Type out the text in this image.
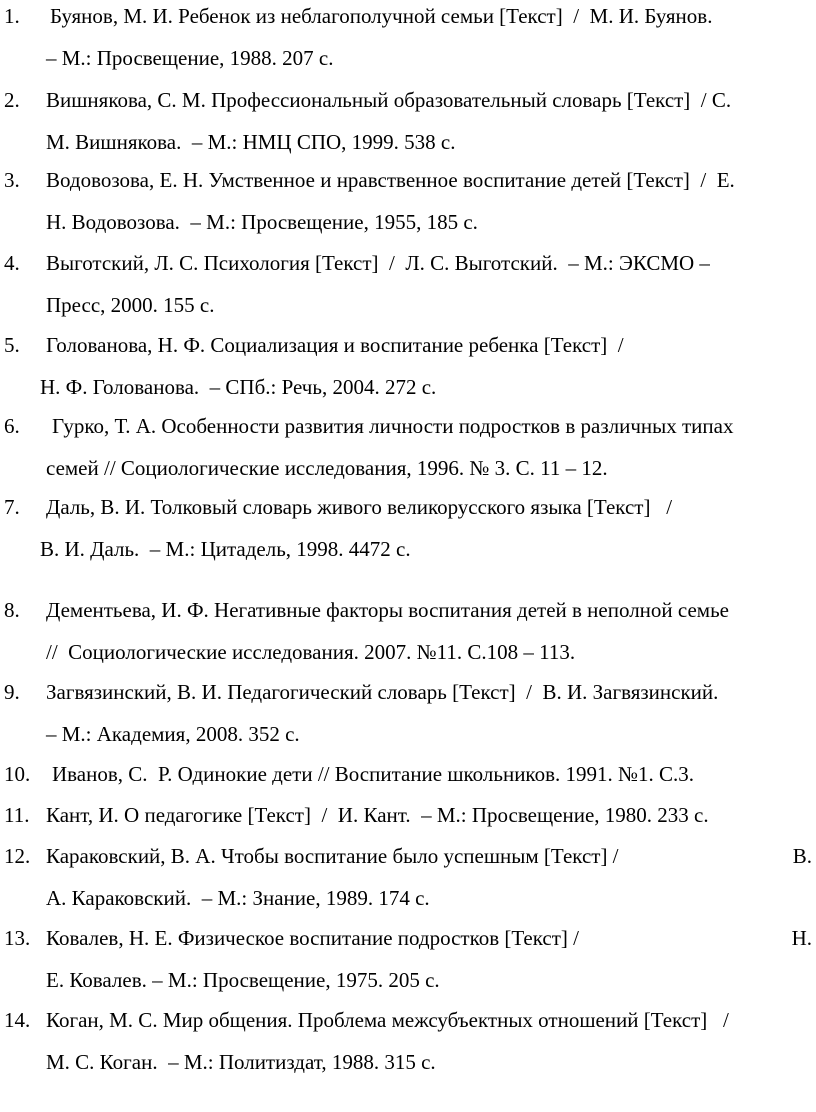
1. Буянов, М. И. Ребенок из неблагополучной семьи [Текст]  /  М. И. Буянов.
– М.: Просвещение, 1988. 207 с.
2. Вишнякова, С. М. Профессиональный образовательный словарь [Текст]  / С.
М. Вишнякова.  – М.: НМЦ СПО, 1999. 538 с.
3. Водовозова, Е. Н. Умственное и нравственное воспитание детей [Текст]  /  Е.
Н. Водовозова.  – М.: Просвещение, 1955, 185 с.
4. Выготский, Л. С. Психология [Текст]  /  Л. С. Выготский.  – М.: ЭКСМО –
Пресс, 2000. 155 с.
5. Голованова, Н. Ф. Социализация и воспитание ребенка [Текст]  /
Н. Ф. Голованова.  – СПб.: Речь, 2004. 272 с.
6. Гурко, Т. А. Особенности развития личности подростков в различных типах
семей // Социологические исследования, 1996. № 3. С. 11 – 12.
7. Даль, В. И. Толковый словарь живого великорусского языка [Текст]   /
В. И. Даль.  – М.: Цитадель, 1998. 4472 с.
8. Дементьева, И. Ф. Негативные факторы воспитания детей в неполной семье
//  Социологические исследования. 2007. №11. С.108 – 113.
9. Загвязинский, В. И. Педагогический словарь [Текст]  /  В. И. Загвязинский.
– М.: Академия, 2008. 352 с.
10. Иванов, С.  Р. Одинокие дети // Воспитание школьников. 1991. №1. С.3.
11. Кант, И. О педагогике [Текст]  /  И. Кант.  – М.: Просвещение, 1980. 233 с.
12. Караковский, В. А. Чтобы воспитание было успешным [Текст] /	В.
А. Караковский.  – М.: Знание, 1989. 174 с.
13. Ковалев, Н. Е. Физическое воспитание подростков [Текст] /	Н.
Е. Ковалев. – М.: Просвещение, 1975. 205 с.
14. Коган, М. С. Мир общения. Проблема межсубъектных отношений [Текст]   /
М. С. Коган.  – М.: Политиздат, 1988. 315 с.
